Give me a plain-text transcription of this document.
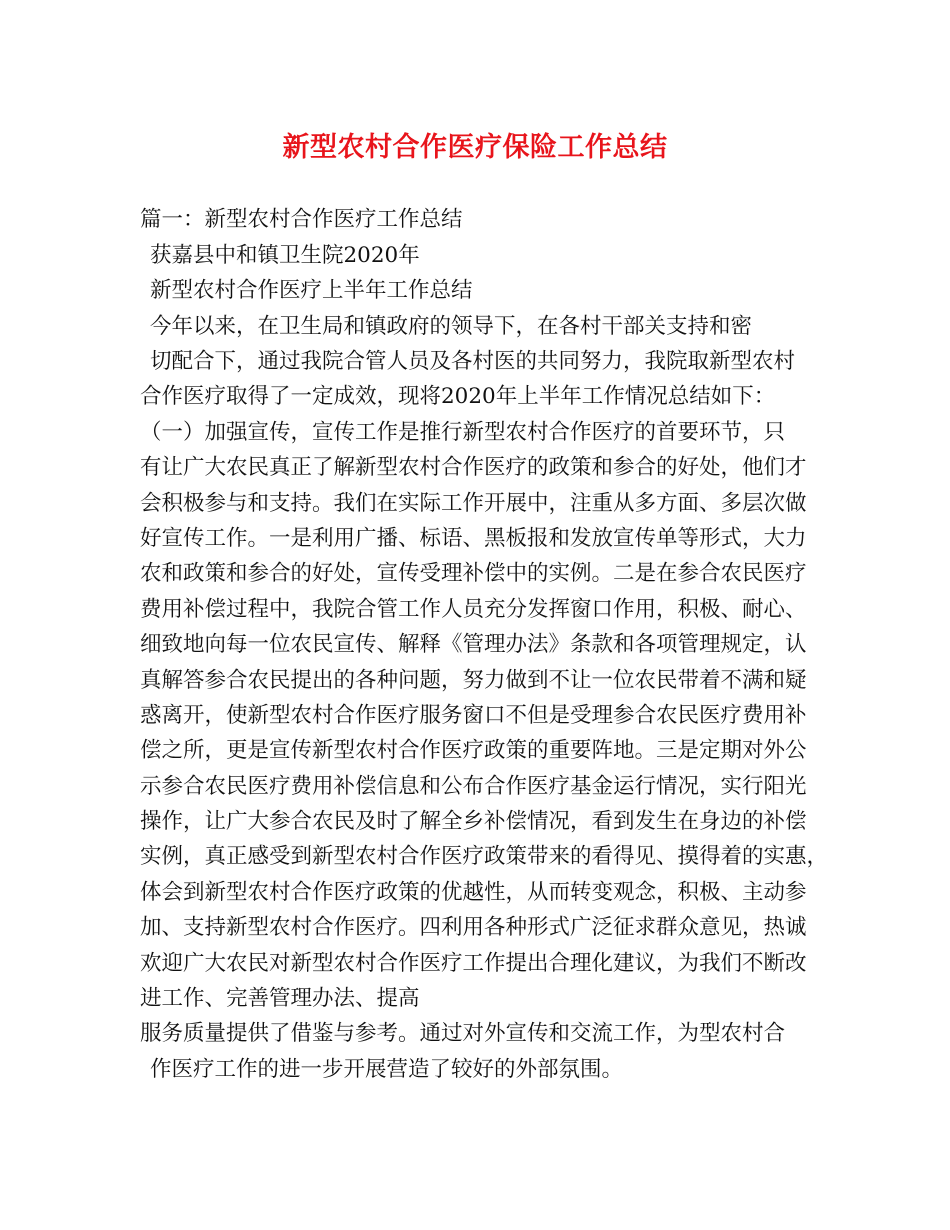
新型农村合作医疗保险工作总结
篇一：新型农村合作医疗工作总结
获嘉县中和镇卫生院2020年
新型农村合作医疗上半年工作总结
今年以来，在卫生局和镇政府的领导下，在各村干部关支持和密
切配合下，通过我院合管人员及各村医的共同努力，我院取新型农村
合作医疗取得了一定成效，现将2020年上半年工作情况总结如下：
（一）加强宣传，宣传工作是推行新型农村合作医疗的首要环节，只
有让广大农民真正了解新型农村合作医疗的政策和参合的好处，他们才
会积极参与和支持。我们在实际工作开展中，注重从多方面、多层次做
好宣传工作。一是利用广播、标语、黑板报和发放宣传单等形式，大力
农和政策和参合的好处，宣传受理补偿中的实例。二是在参合农民医疗
费用补偿过程中，我院合管工作人员充分发挥窗口作用，积极、耐心、
细致地向每一位农民宣传、解释《管理办法》条款和各项管理规定，认
真解答参合农民提出的各种问题，努力做到不让一位农民带着不满和疑
惑离开，使新型农村合作医疗服务窗口不但是受理参合农民医疗费用补
偿之所，更是宣传新型农村合作医疗政策的重要阵地。三是定期对外公
示参合农民医疗费用补偿信息和公布合作医疗基金运行情况，实行阳光
操作，让广大参合农民及时了解全乡补偿情况，看到发生在身边的补偿
实例，真正感受到新型农村合作医疗政策带来的看得见、摸得着的实惠，
体会到新型农村合作医疗政策的优越性，从而转变观念，积极、主动参
加、支持新型农村合作医疗。四利用各种形式广泛征求群众意见，热诚
欢迎广大农民对新型农村合作医疗工作提出合理化建议，为我们不断改
进工作、完善管理办法、提高
服务质量提供了借鉴与参考。通过对外宣传和交流工作，为型农村合
作医疗工作的进一步开展营造了较好的外部氛围。
